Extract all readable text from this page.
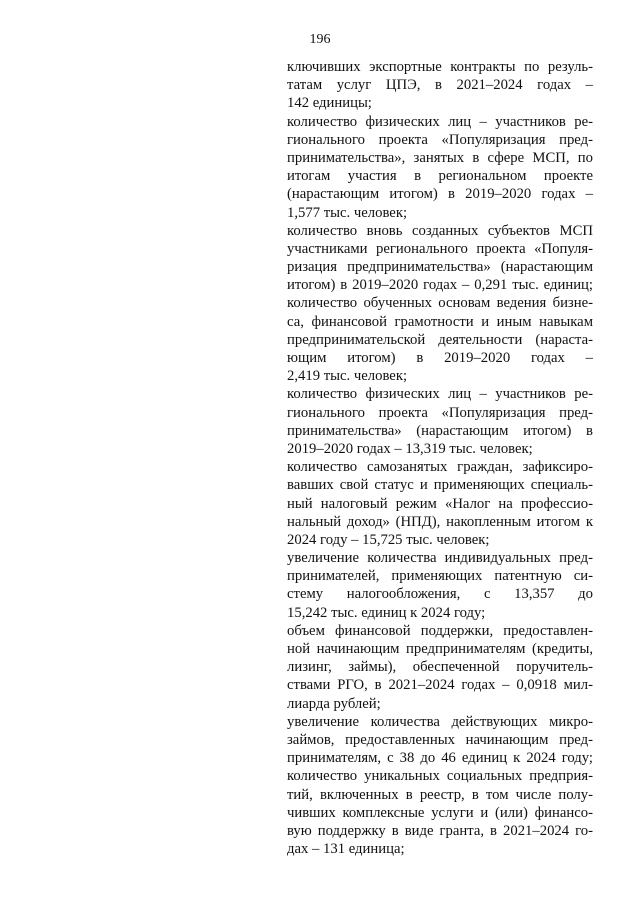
196
ключивших экспортные контракты по резуль-
татам услуг ЦПЭ, в 2021–2024 годах –
142 единицы;
количество физических лиц – участников ре-
гионального проекта «Популяризация пред-
принимательства», занятых в сфере МСП, по
итогам участия в региональном проекте
(нарастающим итогом) в 2019–2020 годах –
1,577 тыс. человек;
количество вновь созданных субъектов МСП
участниками регионального проекта «Популя-
ризация предпринимательства» (нарастающим
итогом) в 2019–2020 годах – 0,291 тыс. единиц;
количество обученных основам ведения бизне-
са, финансовой грамотности и иным навыкам
предпринимательской деятельности (нараста-
ющим итогом) в 2019–2020 годах –
2,419 тыс. человек;
количество физических лиц – участников ре-
гионального проекта «Популяризация пред-
принимательства» (нарастающим итогом) в
2019–2020 годах – 13,319 тыс. человек;
количество самозанятых граждан, зафиксиро-
вавших свой статус и применяющих специаль-
ный налоговый режим «Налог на профессио-
нальный доход» (НПД), накопленным итогом к
2024 году – 15,725 тыс. человек;
увеличение количества индивидуальных пред-
принимателей, применяющих патентную си-
стему налогообложения, с 13,357 до
15,242 тыс. единиц к 2024 году;
объем финансовой поддержки, предоставлен-
ной начинающим предпринимателям (кредиты,
лизинг, займы), обеспеченной поручитель-
ствами РГО, в 2021–2024 годах – 0,0918 мил-
лиарда рублей;
увеличение количества действующих микро-
займов, предоставленных начинающим пред-
принимателям, с 38 до 46 единиц к 2024 году;
количество уникальных социальных предприя-
тий, включенных в реестр, в том числе полу-
чивших комплексные услуги и (или) финансо-
вую поддержку в виде гранта, в 2021–2024 го-
дах – 131 единица;
